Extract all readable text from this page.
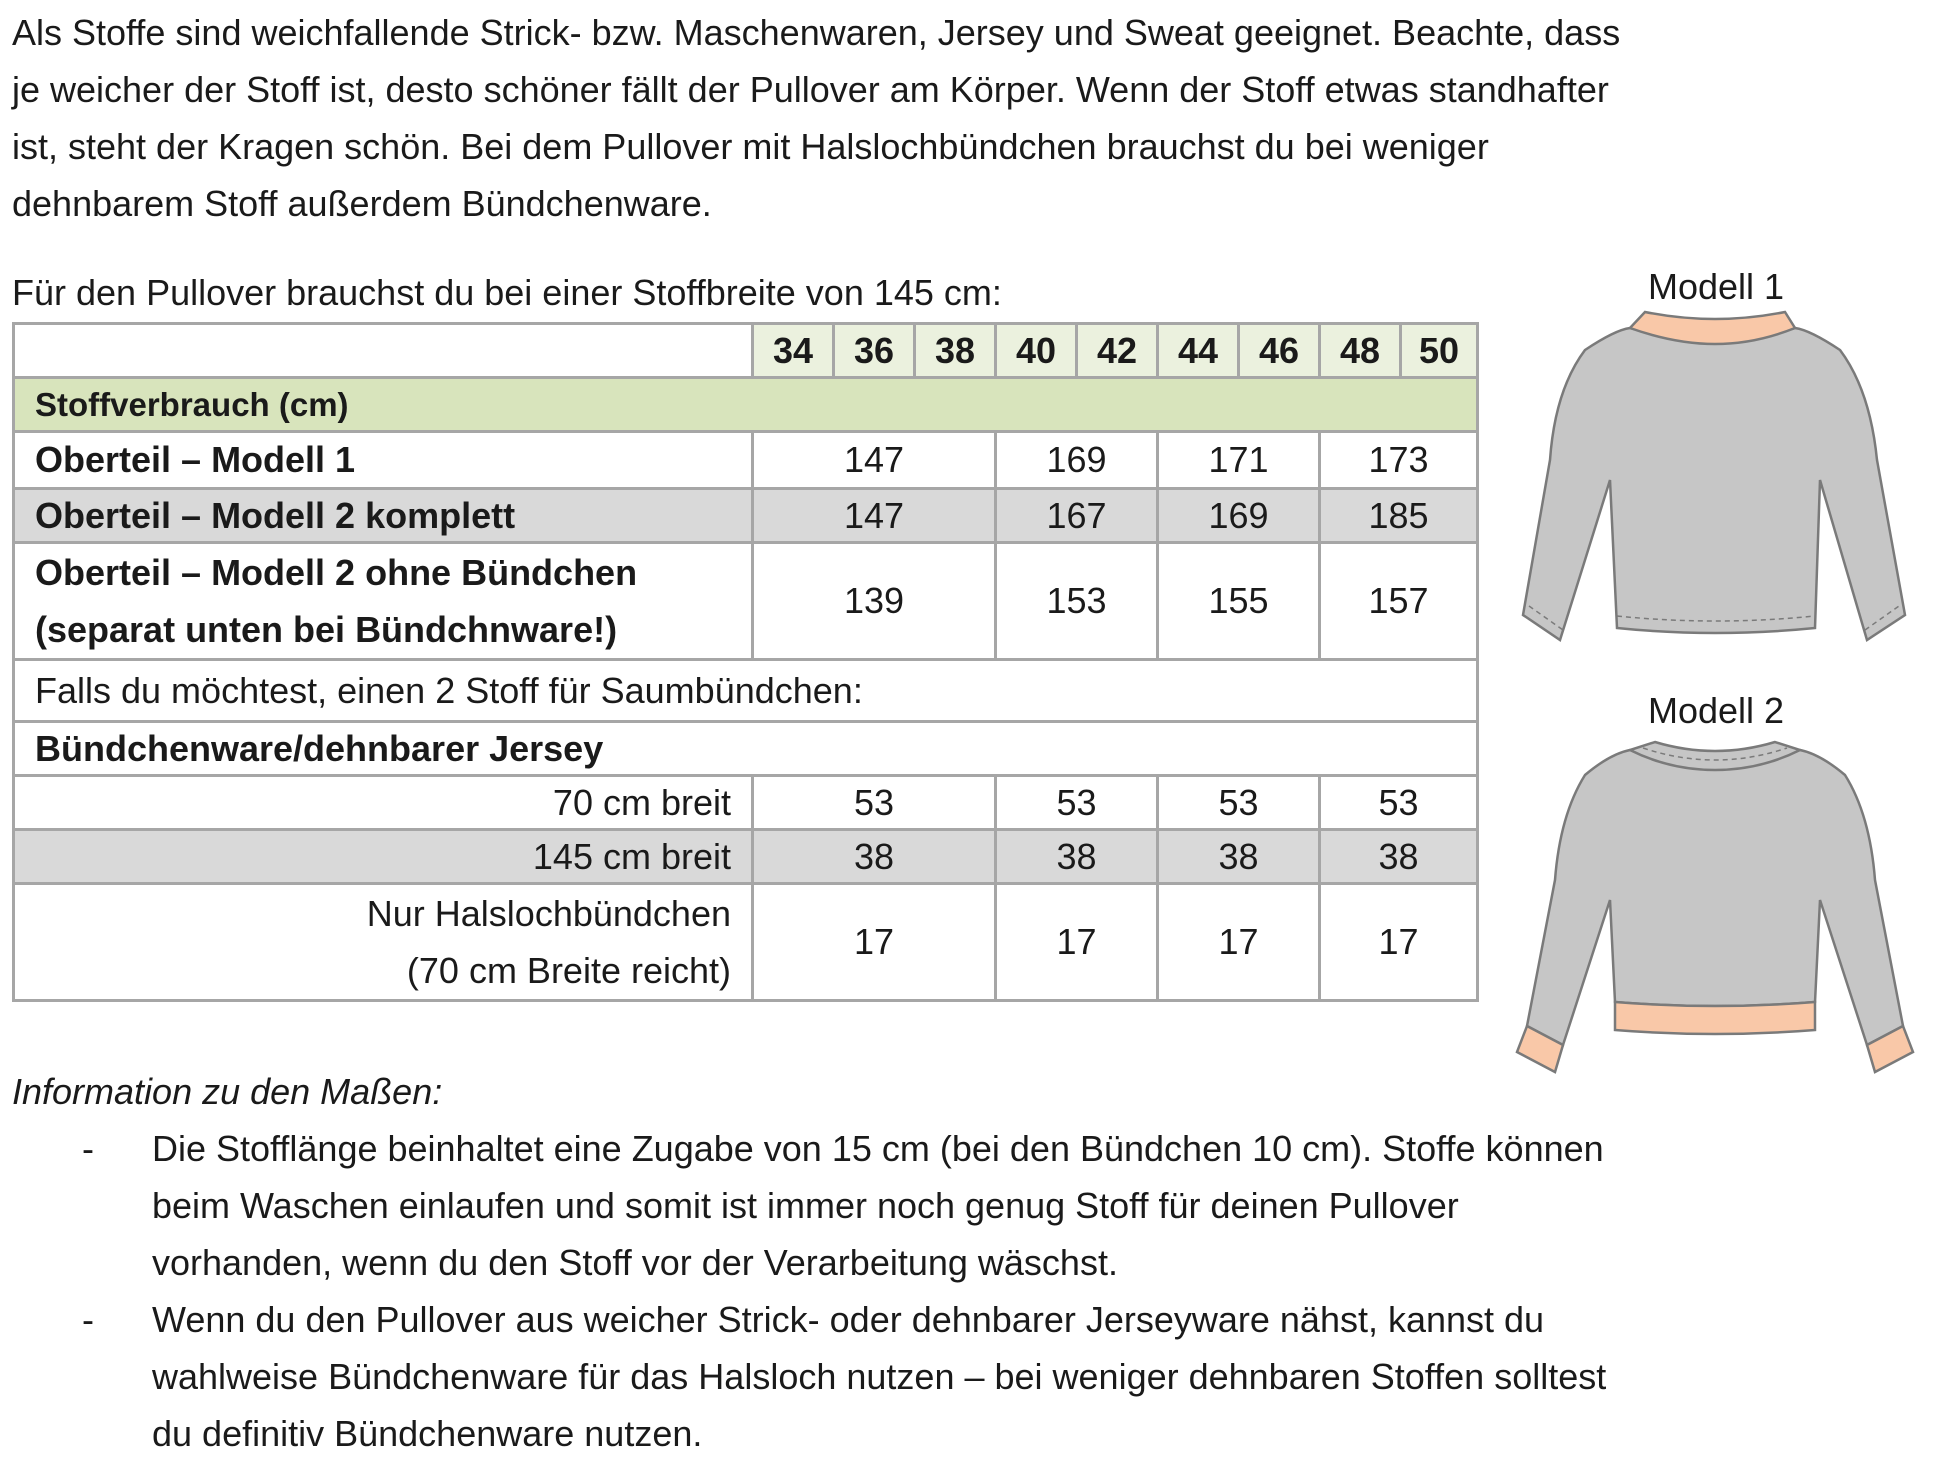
Als Stoffe sind weichfallende Strick- bzw. Maschenwaren, Jersey und Sweat geeignet. Beachte, dass
je weicher der Stoff ist, desto schöner fällt der Pullover am Körper. Wenn der Stoff etwas standhafter
ist, steht der Kragen schön. Bei dem Pullover mit Halslochbündchen brauchst du bei weniger
dehnbarem Stoff außerdem Bündchenware.

Für den Pullover brauchst du bei einer Stoffbreite von 145 cm:

	34	36	38	40	42	44	46	48	50
Stoffverbrauch (cm)									
Oberteil – Modell 1	147			169		171		173	
Oberteil – Modell 2 komplett	147			167		169		185	

Oberteil – Modell 2 ohne Bündchen
(separat unten bei Bündchnware!)	139			153		155		157	
Falls du möchtest, einen 2 Stoff für Saumbündchen:									
Bündchenware/dehnbarer Jersey									
70 cm breit	53			53		53		53	
145 cm breit	38			38		38		38	

Nur Halslochbündchen
(70 cm Breite reicht)	17			17		17		17	
Modell 1
Modell 2

Information zu den Maßen:

- Die Stofflänge beinhaltet eine Zugabe von 15 cm (bei den Bündchen 10 cm). Stoffe können
beim Waschen einlaufen und somit ist immer noch genug Stoff für deinen Pullover
vorhanden, wenn du den Stoff vor der Verarbeitung wäschst.
- Wenn du den Pullover aus weicher Strick- oder dehnbarer Jerseyware nähst, kannst du
wahlweise Bündchenware für das Halsloch nutzen – bei weniger dehnbaren Stoffen solltest
du definitiv Bündchenware nutzen.
